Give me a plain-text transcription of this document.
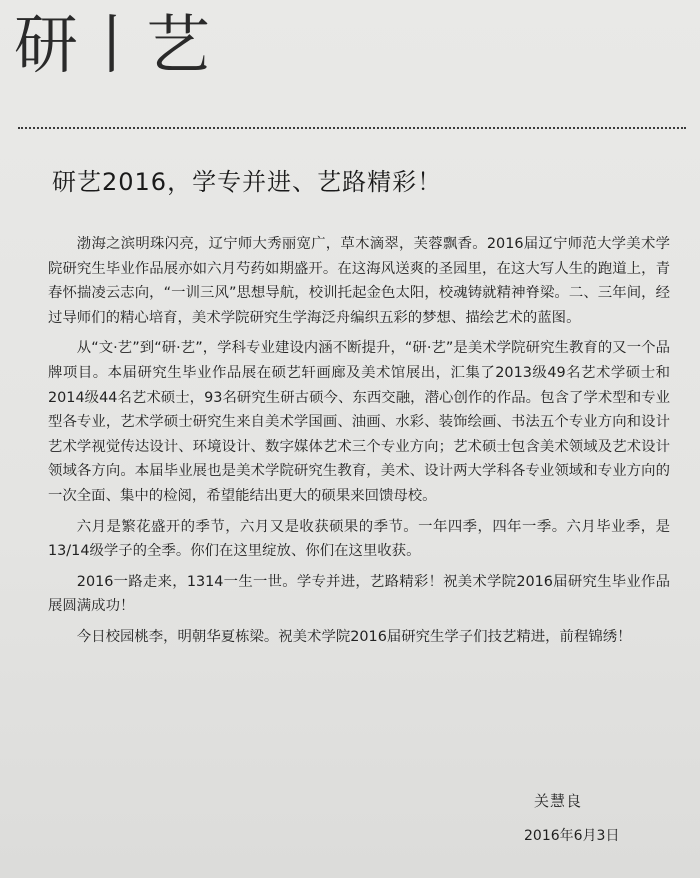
研丨艺
研艺2016，学专并进、艺路精彩！

渤海之滨明珠闪亮，辽宁师大秀丽宽广，草木滴翠，芙蓉飘香。2016届辽宁师范大学美术学院研究生毕业作品展亦如六月芍药如期盛开。在这海风送爽的圣园里，在这大写人生的跑道上，青春怀揣凌云志向，“一训三风”思想导航，校训托起金色太阳，校魂铸就精神脊梁。二、三年间，经过导师们的精心培育，美术学院研究生学海泛舟编织五彩的梦想、描绘艺术的蓝图。

从“文·艺”到“研·艺”，学科专业建设内涵不断提升，“研·艺”是美术学院研究生教育的又一个品牌项目。本届研究生毕业作品展在硕艺轩画廊及美术馆展出，汇集了2013级49名艺术学硕士和2014级44名艺术硕士，93名研究生研古硕今、东西交融，潜心创作的作品。包含了学术型和专业型各专业，艺术学硕士研究生来自美术学国画、油画、水彩、装饰绘画、书法五个专业方向和设计艺术学视觉传达设计、环境设计、数字媒体艺术三个专业方向；艺术硕士包含美术领域及艺术设计领域各方向。本届毕业展也是美术学院研究生教育，美术、设计两大学科各专业领域和专业方向的一次全面、集中的检阅，希望能结出更大的硕果来回馈母校。

六月是繁花盛开的季节，六月又是收获硕果的季节。一年四季，四年一季。六月毕业季，是13/14级学子的全季。你们在这里绽放、你们在这里收获。

2016一路走来，1314一生一世。学专并进，艺路精彩！祝美术学院2016届研究生毕业作品展圆满成功！

今日校园桃李，明朝华夏栋梁。祝美术学院2016届研究生学子们技艺精进，前程锦绣！

关慧良
2016年6月3日
